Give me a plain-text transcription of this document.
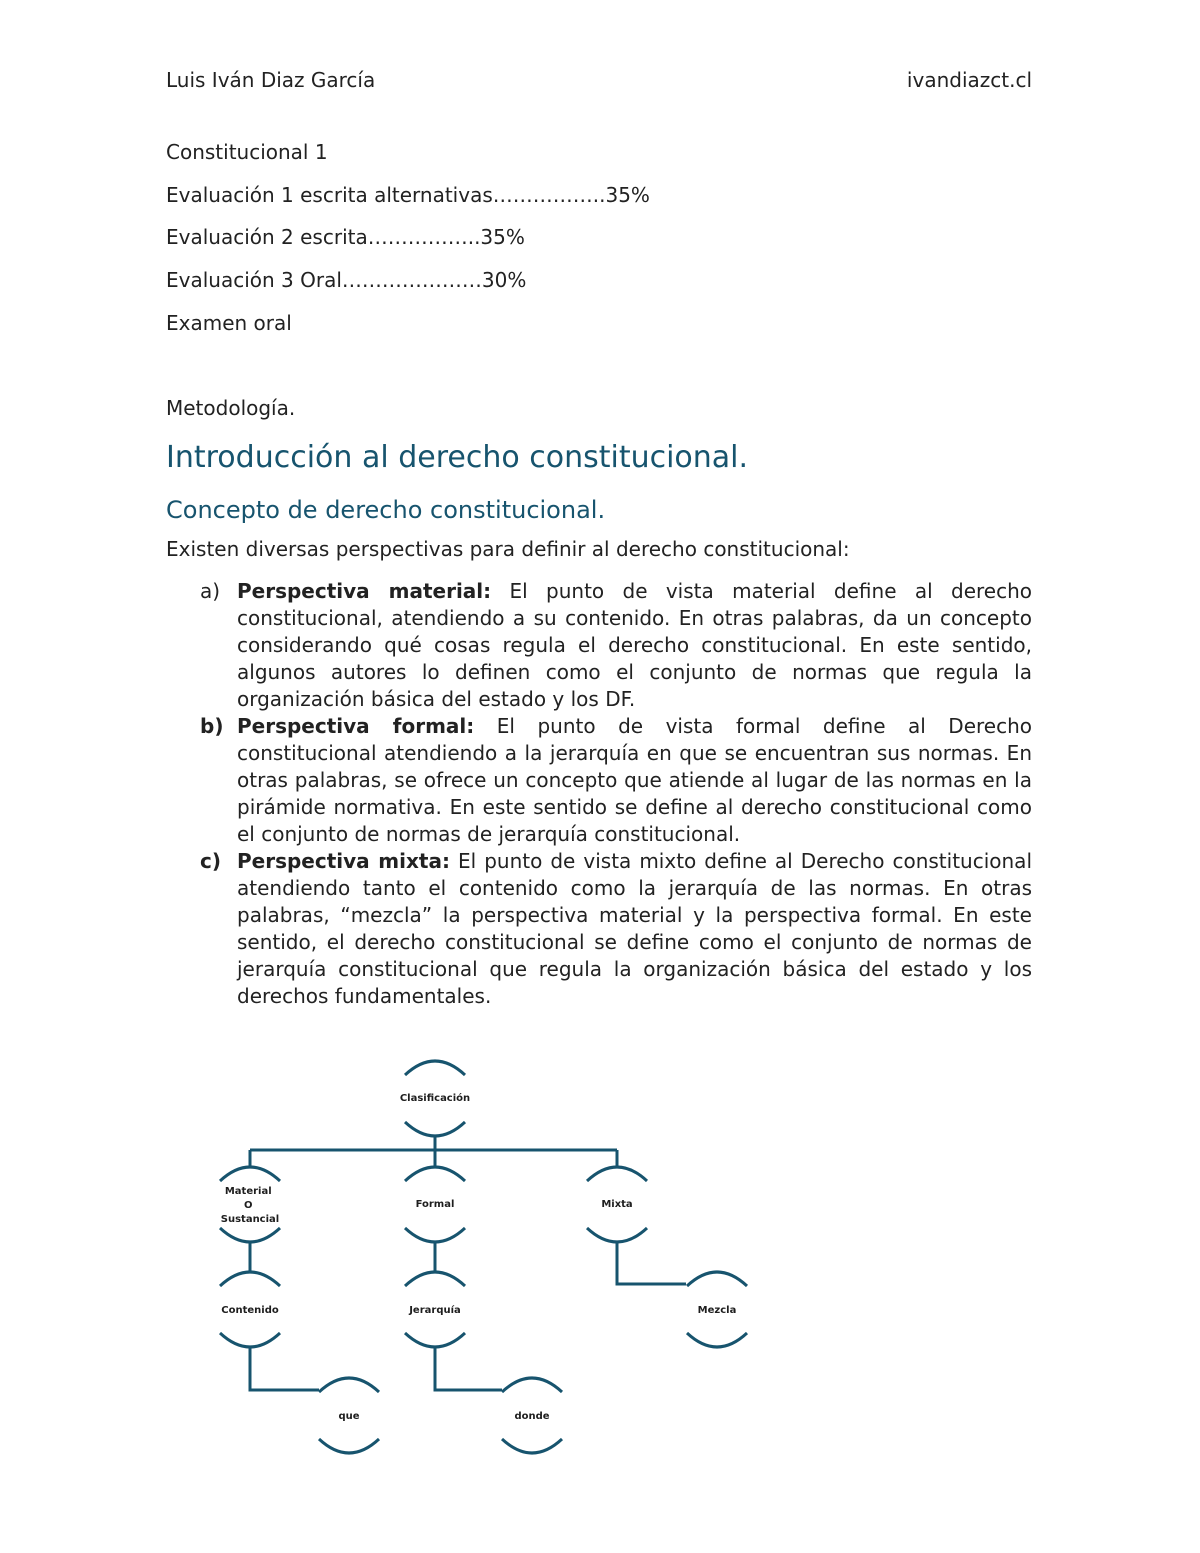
Luis Iván Diaz García	ivandiazct.cl
Constitucional 1
Evaluación 1 escrita alternativas……………..35%
Evaluación 2 escrita……………..35%
Evaluación 3 Oral…………………30%
Examen oral
Metodología.
Introducción al derecho constitucional.
Concepto de derecho constitucional.
Existen diversas perspectivas para definir al derecho constitucional:
a) Perspectiva material: El punto de vista material define al derecho constitucional, atendiendo a su contenido. En otras palabras, da un concepto considerando qué cosas regula el derecho constitucional. En este sentido, algunos autores lo definen como el conjunto de normas que regula la organización básica del estado y los DF.
b) Perspectiva formal: El punto de vista formal define al Derecho constitucional atendiendo a la jerarquía en que se encuentran sus normas. En otras palabras, se ofrece un concepto que atiende al lugar de las normas en la pirámide normativa. En este sentido se define al derecho constitucional como el conjunto de normas de jerarquía constitucional.
c) Perspectiva mixta: El punto de vista mixto define al Derecho constitucional atendiendo tanto el contenido como la jerarquía de las normas. En otras palabras, “mezcla” la perspectiva material y la perspectiva formal. En este sentido, el derecho constitucional se define como el conjunto de normas de jerarquía constitucional que regula la organización básica del estado y los derechos fundamentales.
Clasificación
Material O Sustancial
Formal	Mixta
Contenido	Jerarquía	Mezcla
que	donde
